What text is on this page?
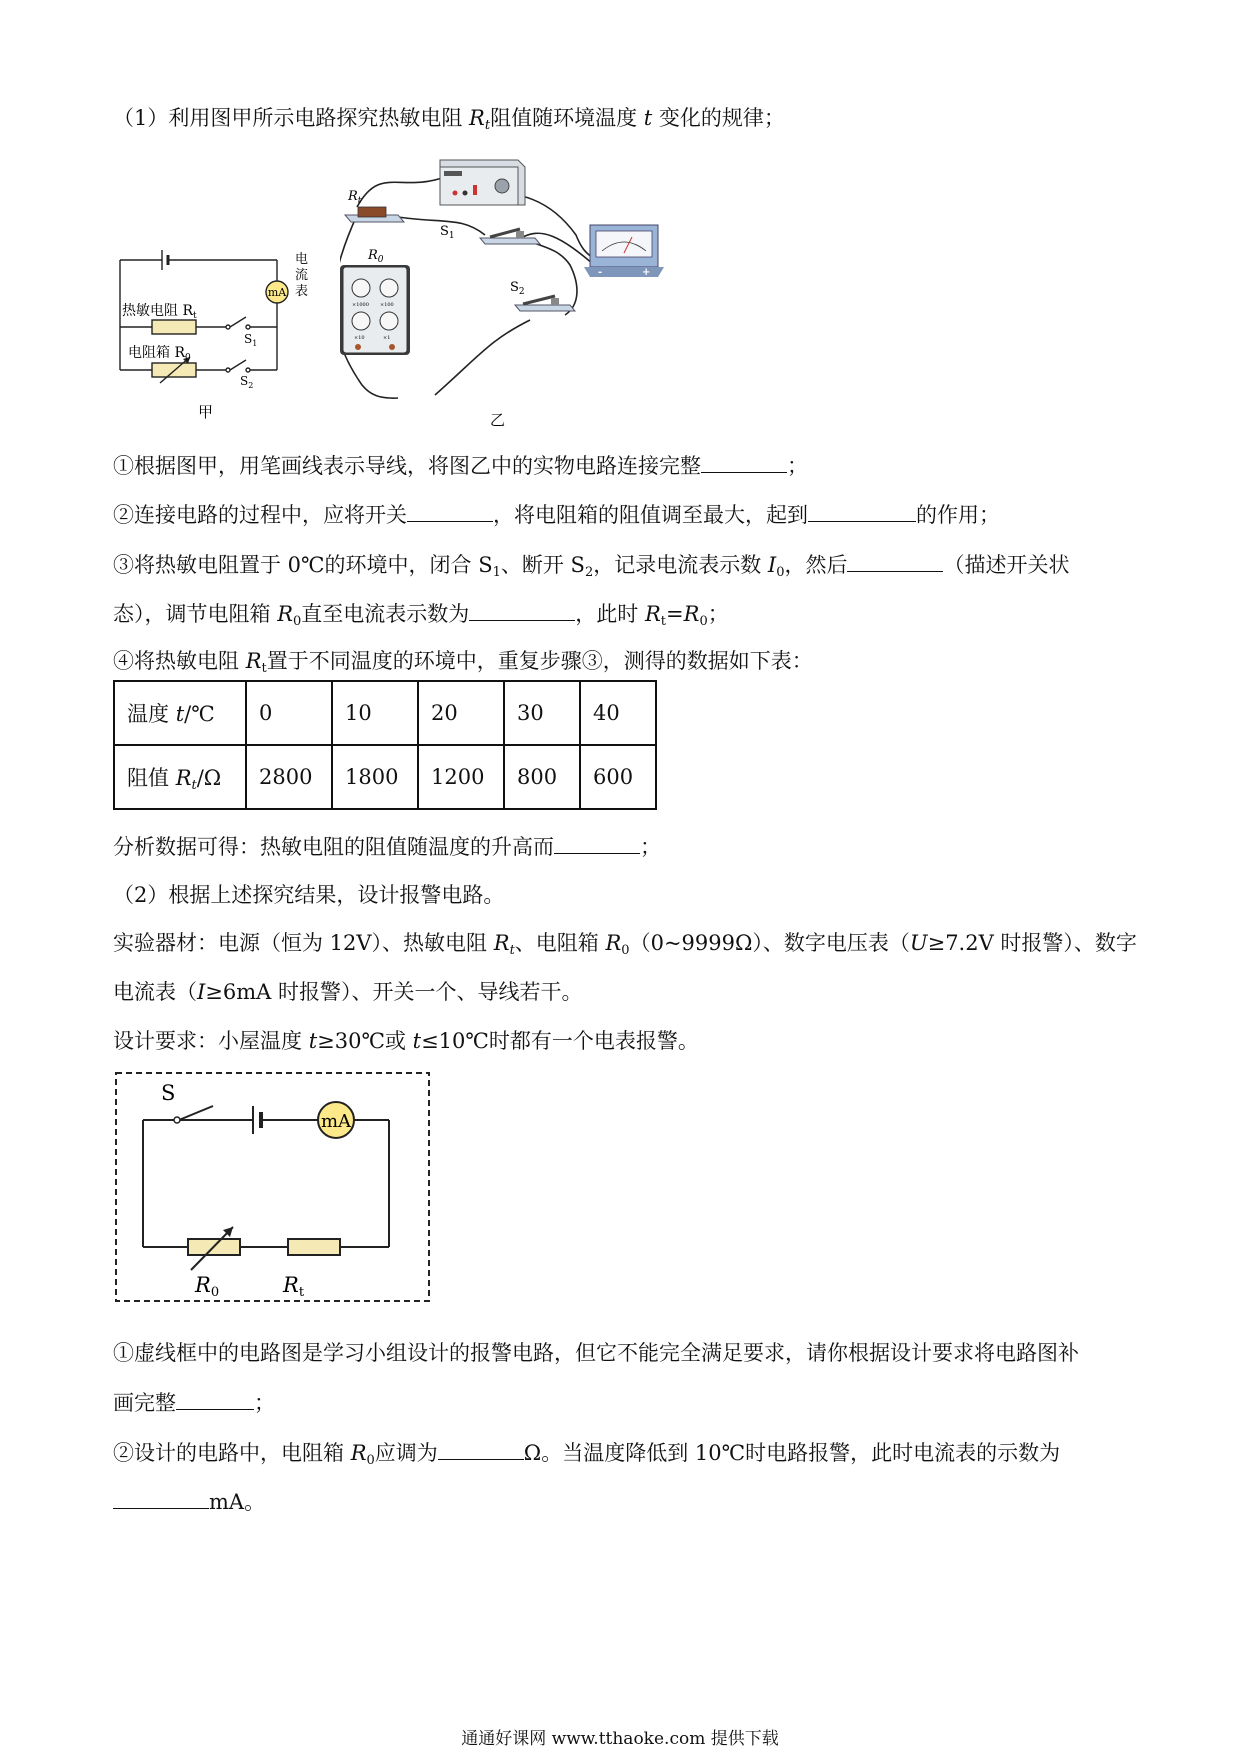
（1）利用图甲所示电路探究热敏电阻 $R_t$阻值随环境温度 t 变化的规律；
mA
电
流
表
热敏电阻 $R_t$
电阻箱 $R_0$
$S_1$
$S_2$
甲
$R_t$
$S_1$
-	+
×1000 ×100
×10	×1
$R_0$
$S_2$
乙
①根据图甲，用笔画线表示导线，将图乙中的实物电路连接完整	；
②连接电路的过程中，应将开关	，将电阻箱的阻值调至最大，起到	的作用；
③将热敏电阻置于 0℃的环境中，闭合 $S_1$、断开 $S_2$，记录电流表示数 $I_0$，然后	（描述开关状
态），调节电阻箱 $R_0$直至电流表示数为	，此时 $R_t=R_0$；
④将热敏电阻 $R_t$置于不同温度的环境中，重复步骤③，测得的数据如下表：
温度 t/℃	0	10	20	30	40
阻值 $R_t/\Omega$	2800	1800	1200	800	600
分析数据可得：热敏电阻的阻值随温度的升高而	；
（2）根据上述探究结果，设计报警电路。
实验器材：电源（恒为 12V）、热敏电阻 $R_t$、电阻箱 $R_0(0\sim 9999\Omega)$、数字电压表（U≥7.2V 时报警）、数字
电流表（I≥6mA 时报警）、开关一个、导线若干。
设计要求：小屋温度 t≥30℃或 t≤10℃时都有一个电表报警。
mA
S
R0	Rt
①虚线框中的电路图是学习小组设计的报警电路，但它不能完全满足要求，请你根据设计要求将电路图补
画完整	；
②设计的电路中，电阻箱 $R_0$应调为	Ω。当温度降低到 10℃时电路报警，此时电流表的示数为
mA。
通通好课网 www.tthaoke.com 提供下载
